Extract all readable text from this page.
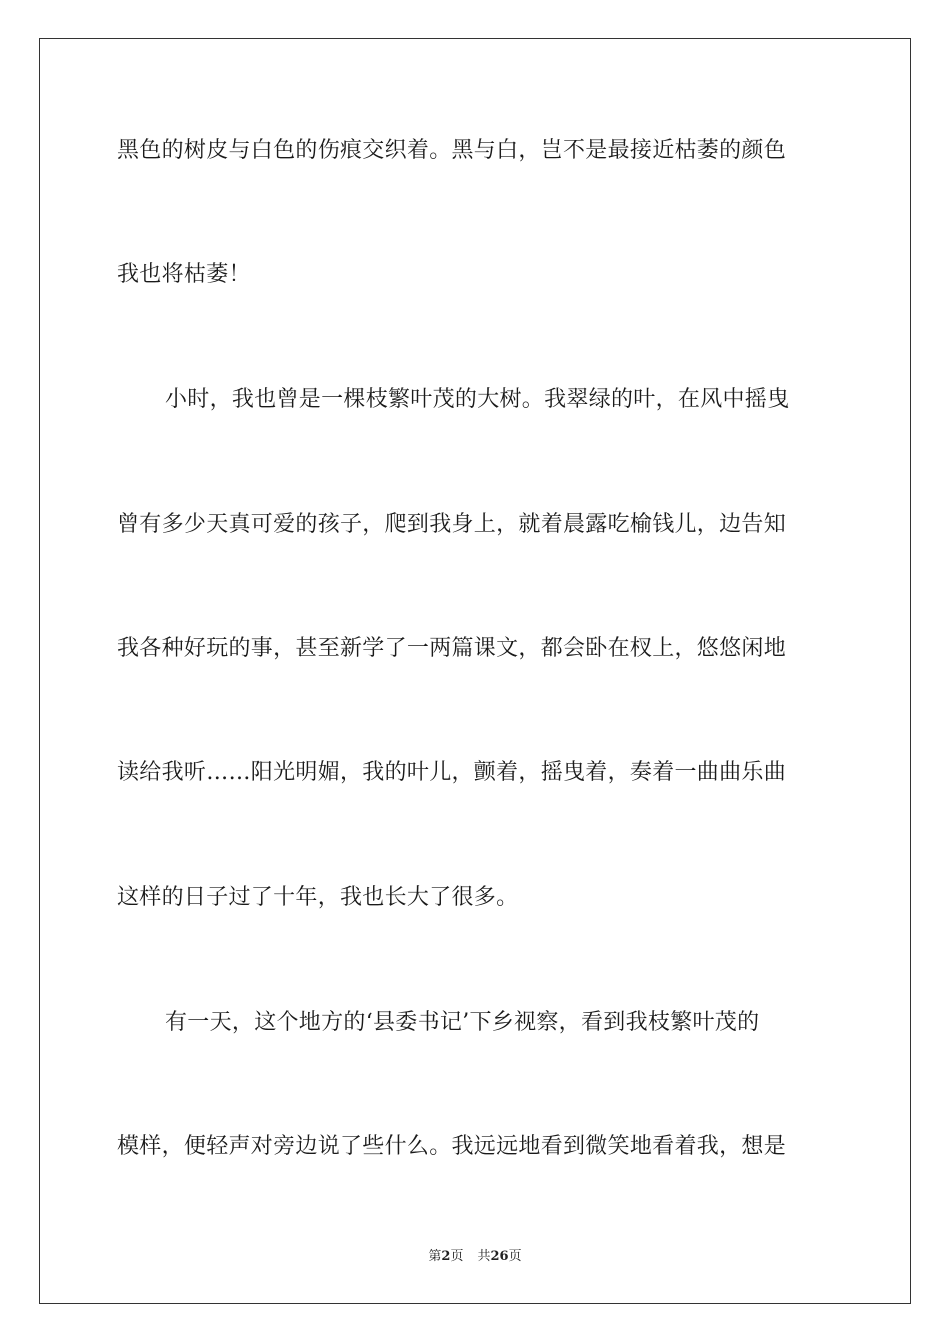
黑色的树皮与白色的伤痕交织着。黑与白，岂不是最接近枯萎的颜色
我也将枯萎！
小时，我也曾是一棵枝繁叶茂的大树。我翠绿的叶，在风中摇曳
曾有多少天真可爱的孩子，爬到我身上，就着晨露吃榆钱儿，边告知
我各种好玩的事，甚至新学了一两篇课文，都会卧在杈上，悠悠闲地
读给我听……阳光明媚，我的叶儿，颤着，摇曳着，奏着一曲曲乐曲
这样的日子过了十年，我也长大了很多。
有一天，这个地方的‘县委书记’下乡视察，看到我枝繁叶茂的
模样，便轻声对旁边说了些什么。我远远地看到微笑地看着我，想是
第2页 共26页
